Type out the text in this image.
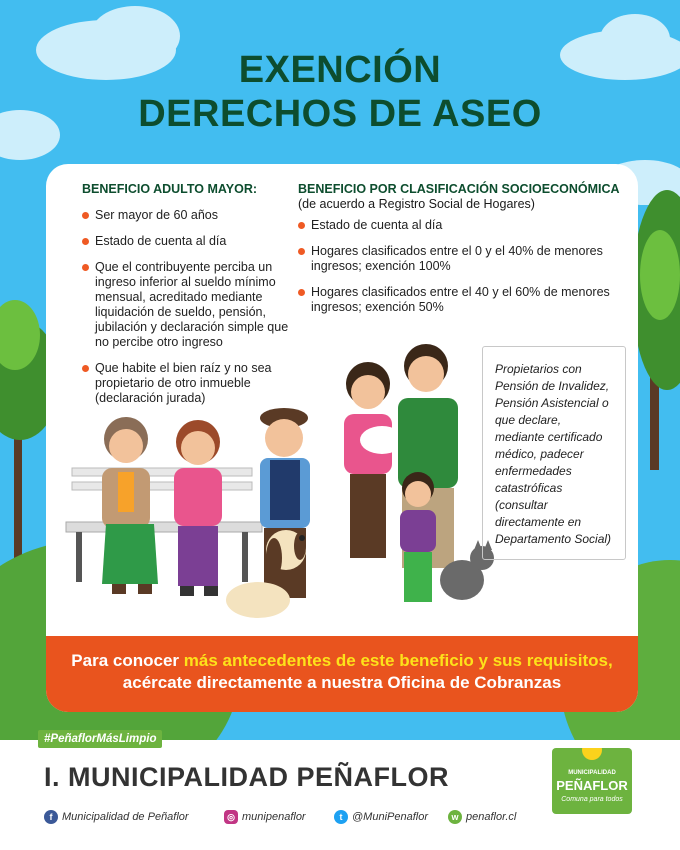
EXENCIÓN
DERECHOS DE ASEO
BENEFICIO ADULTO MAYOR:
Ser mayor de 60 años
Estado de cuenta al día
Que el contribuyente perciba un ingreso inferior al sueldo mínimo mensual, acreditado mediante liquidación de sueldo, pensión, jubilación y declaración simple que no percibe otro ingreso
Que habite el bien raíz y no sea propietario de otro inmueble (declaración jurada)
BENEFICIO POR CLASIFICACIÓN SOCIOECONÓMICA
(de acuerdo a Registro Social de Hogares)
Estado de cuenta al día
Hogares clasificados entre el 0 y el 40% de menores ingresos; exención 100%
Hogares clasificados entre el 40 y el 60% de menores ingresos; exención 50%

Propietarios con Pensión de Invalidez, Pensión Asistencial o que declare, mediante certificado médico, padecer enfermedades catastróficas (consultar directamente en Departamento Social)

MUNICIPALIDAD
PEÑAFLOR
Comuna para todos
Para conocer más antecedentes de este beneficio y sus requisitos,
acércate directamente a nuestra Oficina de Cobranzas
#PeñaflorMásLimpio
I. MUNICIPALIDAD PEÑAFLOR
f Municipalidad de Peñaflor	◎ munipenaflor	t @MuniPenaflor	w penaflor.cl
MUNICIPALIDAD
PEÑAFLOR
Comuna para todos
